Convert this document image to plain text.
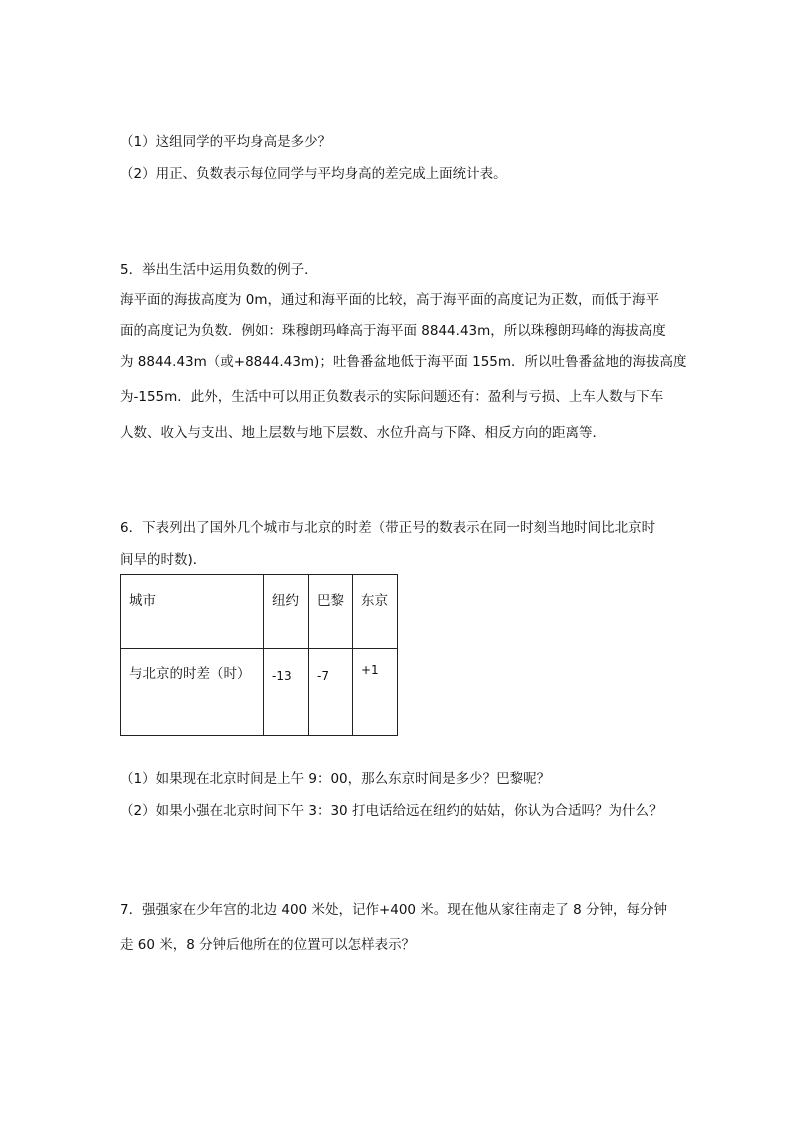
（1）这组同学的平均身高是多少？
（2）用正、负数表示每位同学与平均身高的差完成上面统计表。
5．举出生活中运用负数的例子．
海平面的海拔高度为 0m，通过和海平面的比较，高于海平面的高度记为正数，而低于海平
面的高度记为负数．例如：珠穆朗玛峰高于海平面 8844.43m，所以珠穆朗玛峰的海拔高度
为 8844.43m（或+8844.43m)；吐鲁番盆地低于海平面 155m．所以吐鲁番盆地的海拔高度
为-155m．此外，生活中可以用正负数表示的实际问题还有：盈利与亏损、上车人数与下车
人数、收入与支出、地上层数与地下层数、水位升高与下降、相反方向的距离等．
6．下表列出了国外几个城市与北京的时差（带正号的数表示在同一时刻当地时间比北京时
间早的时数)．
城市	纽约	巴黎	东京
与北京的时差（时）	-13	-7	+1
（1）如果现在北京时间是上午 9：00，那么东京时间是多少？巴黎呢？
（2）如果小强在北京时间下午 3：30 打电话给远在纽约的姑姑，你认为合适吗？为什么？
7．强强家在少年宫的北边 400 米处，记作+400 米。现在他从家往南走了 8 分钟，每分钟
走 60 米，8 分钟后他所在的位置可以怎样表示？
